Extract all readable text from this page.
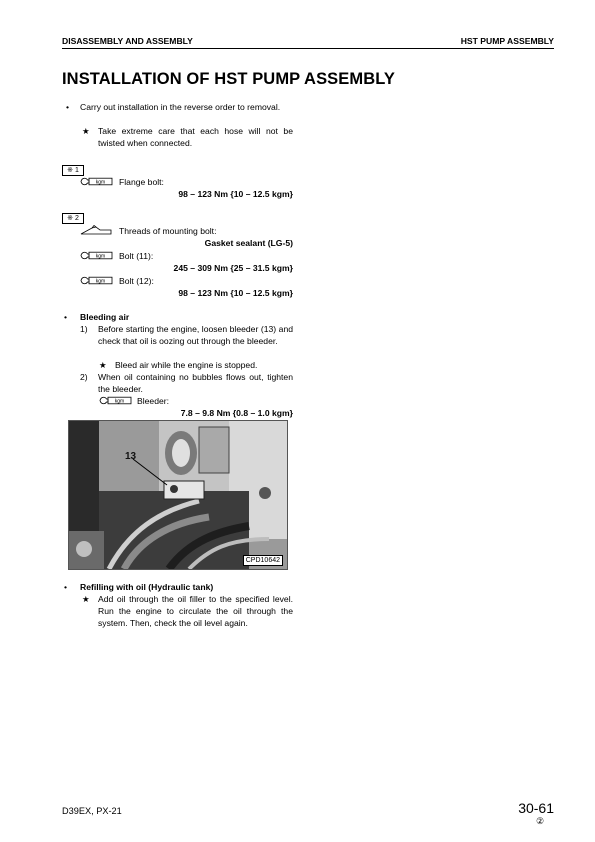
DISASSEMBLY AND ASSEMBLY	HST PUMP ASSEMBLY
INSTALLATION OF HST PUMP ASSEMBLY
• Carry out installation in the reverse order to removal.
★ Take extreme care that each hose will not be twisted when connected.
※ 1
kgm Flange bolt:
98 – 123 Nm {10 – 12.5 kgm}
※ 2
Threads of mounting bolt:
Gasket sealant (LG-5)
kgm Bolt (11):
245 – 309 Nm {25 – 31.5 kgm}
kgm Bolt (12):
98 – 123 Nm {10 – 12.5 kgm}
• Bleeding air
1) Before starting the engine, loosen bleeder (13) and check that oil is oozing out through the bleeder.
★ Bleed air while the engine is stopped.
2) When oil containing no bubbles flows out, tighten the bleeder.
kgm Bleeder:
7.8 – 9.8 Nm {0.8 – 1.0 kgm}
13
CPD10642
• Refilling with oil (Hydraulic tank)
★ Add oil through the oil filler to the specified level. Run the engine to circulate the oil through the system. Then, check the oil level again.
D39EX, PX-21	30-61
②
